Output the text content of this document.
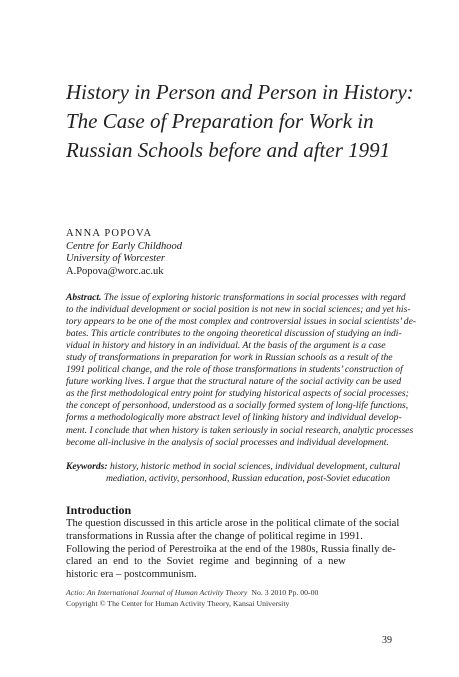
History in Person and Person in History:
The Case of Preparation for Work in
Russian Schools before and after 1991
ANNA POPOVA
Centre for Early Childhood
University of Worcester
A.Popova@worc.ac.uk
Abstract. The issue of exploring historic transformations in social processes with regard
to the individual development or social position is not new in social sciences; and yet his-
tory appears to be one of the most complex and controversial issues in social scientists’ de-
bates. This article contributes to the ongoing theoretical discussion of studying an indi-
vidual in history and history in an individual. At the basis of the argument is a case
study of transformations in preparation for work in Russian schools as a result of the
1991 political change, and the role of those transformations in students’ construction of
future working lives. I argue that the structural nature of the social activity can be used
as the first methodological entry point for studying historical aspects of social processes;
the concept of personhood, understood as a socially formed system of long-life functions,
forms a methodologically more abstract level of linking history and individual develop-
ment. I conclude that when history is taken seriously in social research, analytic processes
become all-inclusive in the analysis of social processes and individual development.
Keywords: history, historic method in social sciences, individual development, cultural
mediation, activity, personhood, Russian education, post-Soviet education
Introduction
The question discussed in this article arose in the political climate of the social
transformations in Russia after the change of political regime in 1991.
Following the period of Perestroika at the end of the 1980s, Russia finally de-
clared an end to the Soviet regime and beginning of a new
historic era – postcommunism.
Actio: An International Journal of Human Activity Theory No. 3 2010 Pp. 00-00
Copyright © The Center for Human Activity Theory, Kansai University
39
